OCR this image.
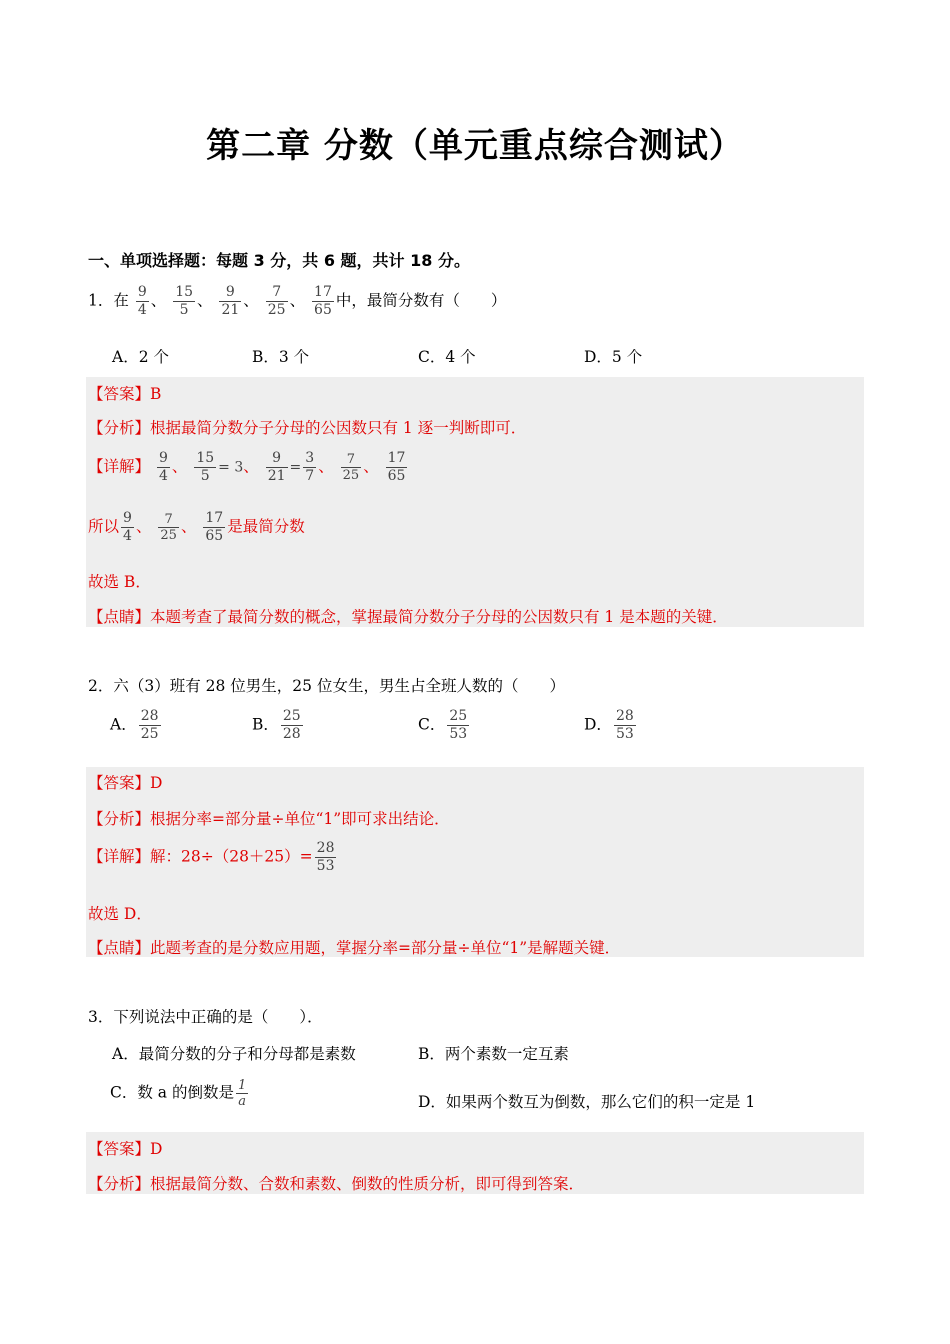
第二章 分数（单元重点综合测试）
一、单项选择题：每题 3 分，共 6 题，共计 18 分。
1．在 $\frac{9}{4}$ 、 $\frac{15}{5}$ 、 $\frac{9}{21}$ 、 $\frac{7}{25}$ 、 $\frac{17}{65}$ 中，最简分数有（　　）
A．2 个	B．3 个	C．4 个	D．5 个
【答案】B
【分析】根据最简分数分子分母的公因数只有 1 逐一判断即可．
【详解】 $\frac{9}{4}$ 、 $\frac{15}{5} = 3$、 $\frac{9}{21} = \frac{3}{7}$ 、 $\frac{7}{25}$ 、 $\frac{17}{65}$
所以 $\frac{9}{4}$ 、 $\frac{7}{25}$ 、 $\frac{17}{65}$ 是最简分数
故选 B．
【点睛】本题考查了最简分数的概念，掌握最简分数分子分母的公因数只有 1 是本题的关键．
2．六（3）班有 28 位男生，25 位女生，男生占全班人数的（　　）
A． $\frac{28}{25}$	B． $\frac{25}{28}$	C． $\frac{25}{53}$	D． $\frac{28}{53}$
【答案】D
【分析】根据分率=部分量÷单位“1”即可求出结论．
【详解】解：$28\div(28+25)= \frac{28}{53}$
故选 D．
【点睛】此题考查的是分数应用题，掌握分率=部分量÷单位“1”是解题关键．
3．下列说法中正确的是（　　）．
A．最简分数的分子和分母都是素数	B．两个素数一定互素
C．数 a 的倒数是 $\frac{1}{a}$	D．如果两个数互为倒数，那么它们的积一定是 1
【答案】D
【分析】根据最简分数、合数和素数、倒数的性质分析，即可得到答案．
